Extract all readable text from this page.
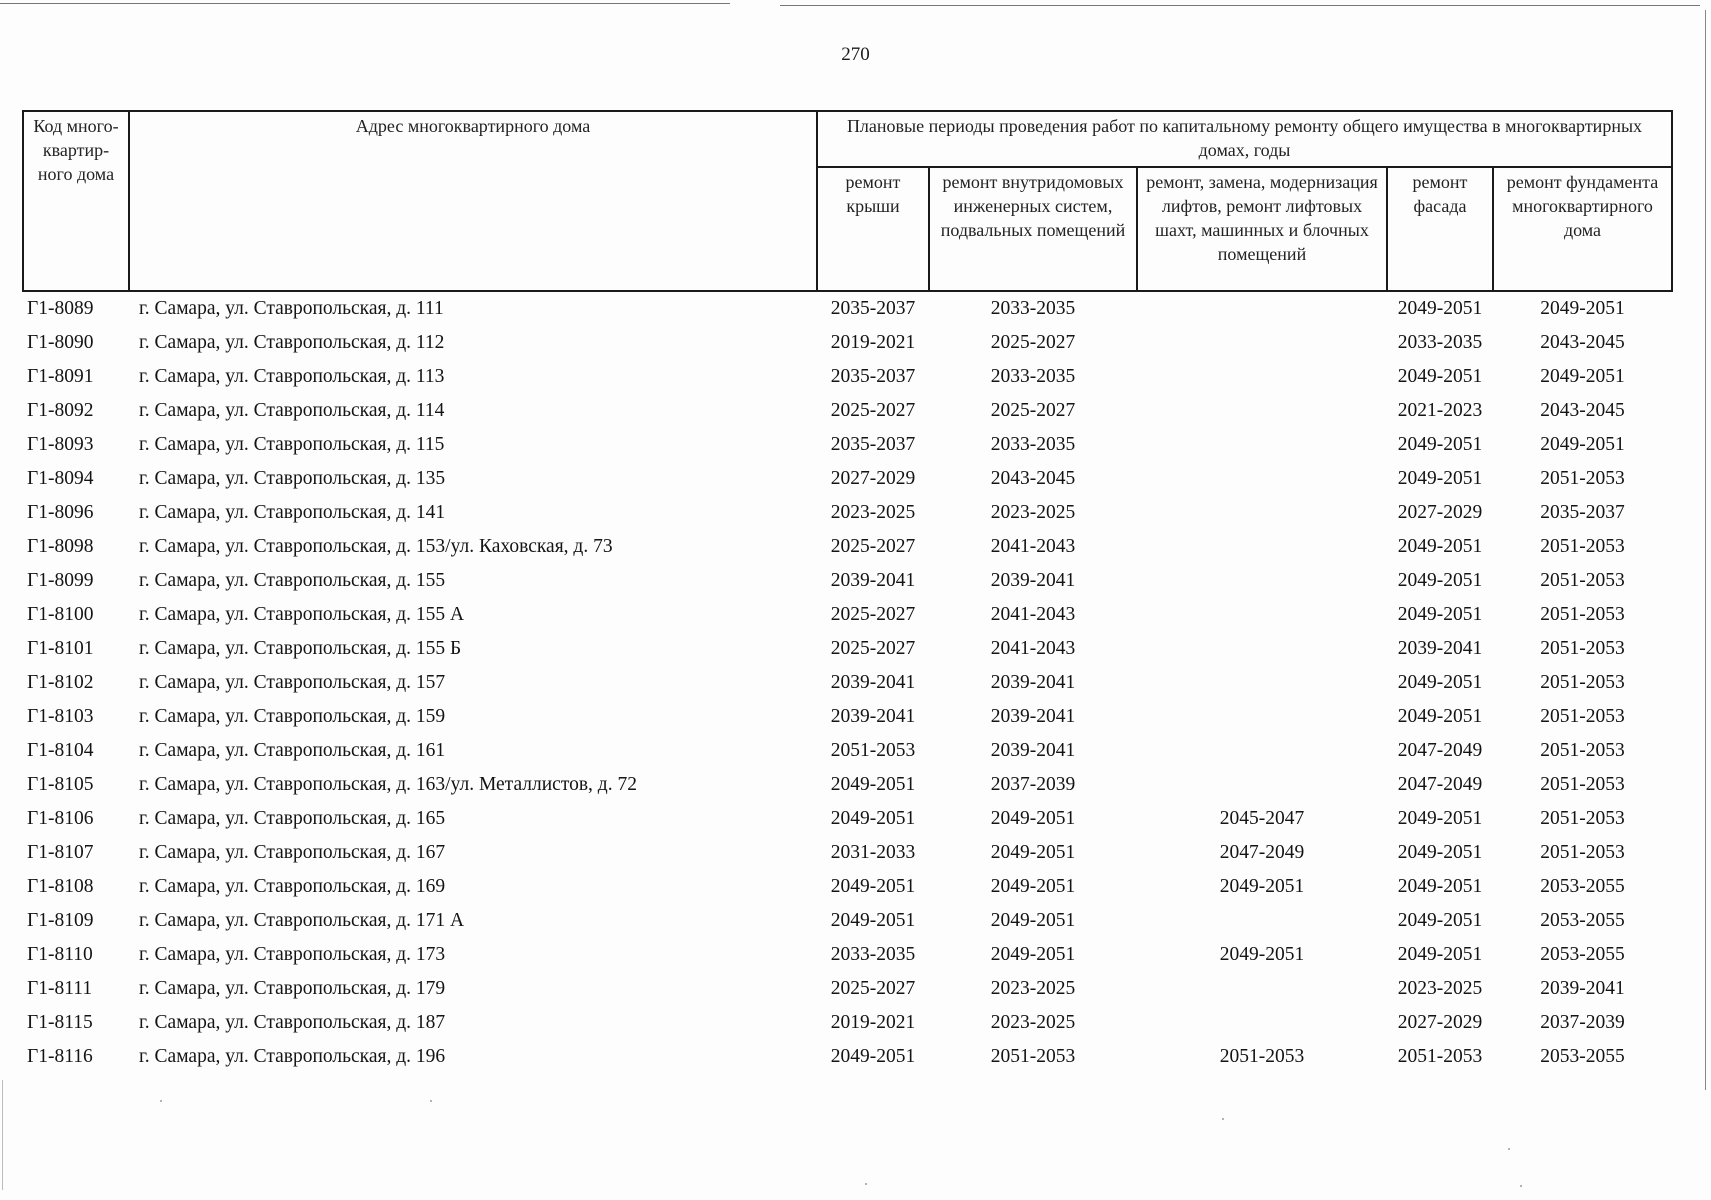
270
Код много-квартир-ного дома	Адрес многоквартирного дома	Плановые периоды проведения работ по капитальному ремонту общего имущества в многоквартирных домах, годы				
		ремонт крыши	ремонт внутридомовых инженерных систем, подвальных помещений	ремонт, замена, модернизация лифтов, ремонт лифтовых шахт, машинных и блочных помещений	ремонт фасада	ремонт фундамента многоквартирного дома
Г1-8089	г. Самара, ул. Ставропольская, д. 111	2035-2037	2033-2035		2049-2051	2049-2051
Г1-8090	г. Самара, ул. Ставропольская, д. 112	2019-2021	2025-2027		2033-2035	2043-2045
Г1-8091	г. Самара, ул. Ставропольская, д. 113	2035-2037	2033-2035		2049-2051	2049-2051
Г1-8092	г. Самара, ул. Ставропольская, д. 114	2025-2027	2025-2027		2021-2023	2043-2045
Г1-8093	г. Самара, ул. Ставропольская, д. 115	2035-2037	2033-2035		2049-2051	2049-2051
Г1-8094	г. Самара, ул. Ставропольская, д. 135	2027-2029	2043-2045		2049-2051	2051-2053
Г1-8096	г. Самара, ул. Ставропольская, д. 141	2023-2025	2023-2025		2027-2029	2035-2037
Г1-8098	г. Самара, ул. Ставропольская, д. 153/ул. Каховская, д. 73	2025-2027	2041-2043		2049-2051	2051-2053
Г1-8099	г. Самара, ул. Ставропольская, д. 155	2039-2041	2039-2041		2049-2051	2051-2053
Г1-8100	г. Самара, ул. Ставропольская, д. 155 А	2025-2027	2041-2043		2049-2051	2051-2053
Г1-8101	г. Самара, ул. Ставропольская, д. 155 Б	2025-2027	2041-2043		2039-2041	2051-2053
Г1-8102	г. Самара, ул. Ставропольская, д. 157	2039-2041	2039-2041		2049-2051	2051-2053
Г1-8103	г. Самара, ул. Ставропольская, д. 159	2039-2041	2039-2041		2049-2051	2051-2053
Г1-8104	г. Самара, ул. Ставропольская, д. 161	2051-2053	2039-2041		2047-2049	2051-2053
Г1-8105	г. Самара, ул. Ставропольская, д. 163/ул. Металлистов, д. 72	2049-2051	2037-2039		2047-2049	2051-2053
Г1-8106	г. Самара, ул. Ставропольская, д. 165	2049-2051	2049-2051	2045-2047	2049-2051	2051-2053
Г1-8107	г. Самара, ул. Ставропольская, д. 167	2031-2033	2049-2051	2047-2049	2049-2051	2051-2053
Г1-8108	г. Самара, ул. Ставропольская, д. 169	2049-2051	2049-2051	2049-2051	2049-2051	2053-2055
Г1-8109	г. Самара, ул. Ставропольская, д. 171 А	2049-2051	2049-2051		2049-2051	2053-2055
Г1-8110	г. Самара, ул. Ставропольская, д. 173	2033-2035	2049-2051	2049-2051	2049-2051	2053-2055
Г1-8111	г. Самара, ул. Ставропольская, д. 179	2025-2027	2023-2025		2023-2025	2039-2041
Г1-8115	г. Самара, ул. Ставропольская, д. 187	2019-2021	2023-2025		2027-2029	2037-2039
Г1-8116	г. Самара, ул. Ставропольская, д. 196	2049-2051	2051-2053	2051-2053	2051-2053	2053-2055
